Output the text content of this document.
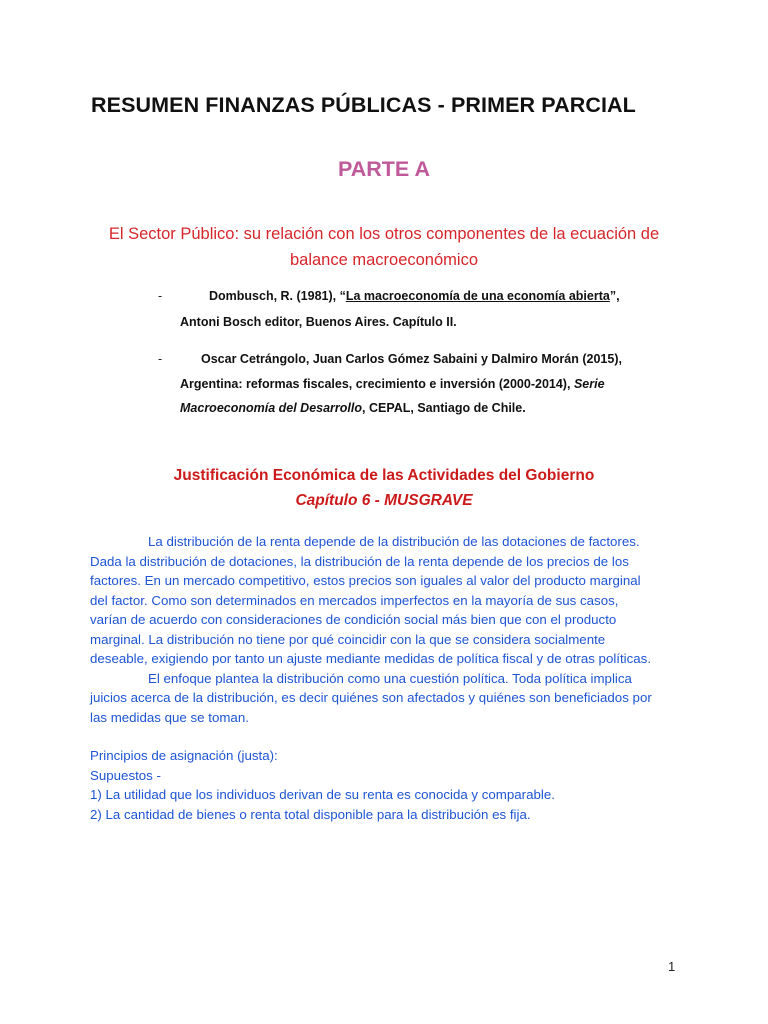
RESUMEN FINANZAS PÚBLICAS - PRIMER PARCIAL
PARTE A
El Sector Público: su relación con los otros componentes de la ecuación de balance macroeconómico
-	Dombusch, R. (1981), “La macroeconomía de una economía abierta”,
Antoni Bosch editor, Buenos Aires. Capítulo II.
-	Oscar Cetrángolo, Juan Carlos Gómez Sabaini y Dalmiro Morán (2015),
Argentina: reformas fiscales, crecimiento e inversión (2000-2014), Serie
Macroeconomía del Desarrollo, CEPAL, Santiago de Chile.
Justificación Económica de las Actividades del Gobierno
Capítulo 6 - MUSGRAVE
La distribución de la renta depende de la distribución de las dotaciones de factores.
Dada la distribución de dotaciones, la distribución de la renta depende de los precios de los
factores. En un mercado competitivo, estos precios son iguales al valor del producto marginal
del factor. Como son determinados en mercados imperfectos en la mayoría de sus casos,
varían de acuerdo con consideraciones de condición social más bien que con el producto
marginal. La distribución no tiene por qué coincidir con la que se considera socialmente
deseable, exigiendo por tanto un ajuste mediante medidas de política fiscal y de otras políticas.
El enfoque plantea la distribución como una cuestión política. Toda política implica
juicios acerca de la distribución, es decir quiénes son afectados y quiénes son beneficiados por
las medidas que se toman.
Principios de asignación (justa):
Supuestos -
1) La utilidad que los individuos derivan de su renta es conocida y comparable.
2) La cantidad de bienes o renta total disponible para la distribución es fija.
1
